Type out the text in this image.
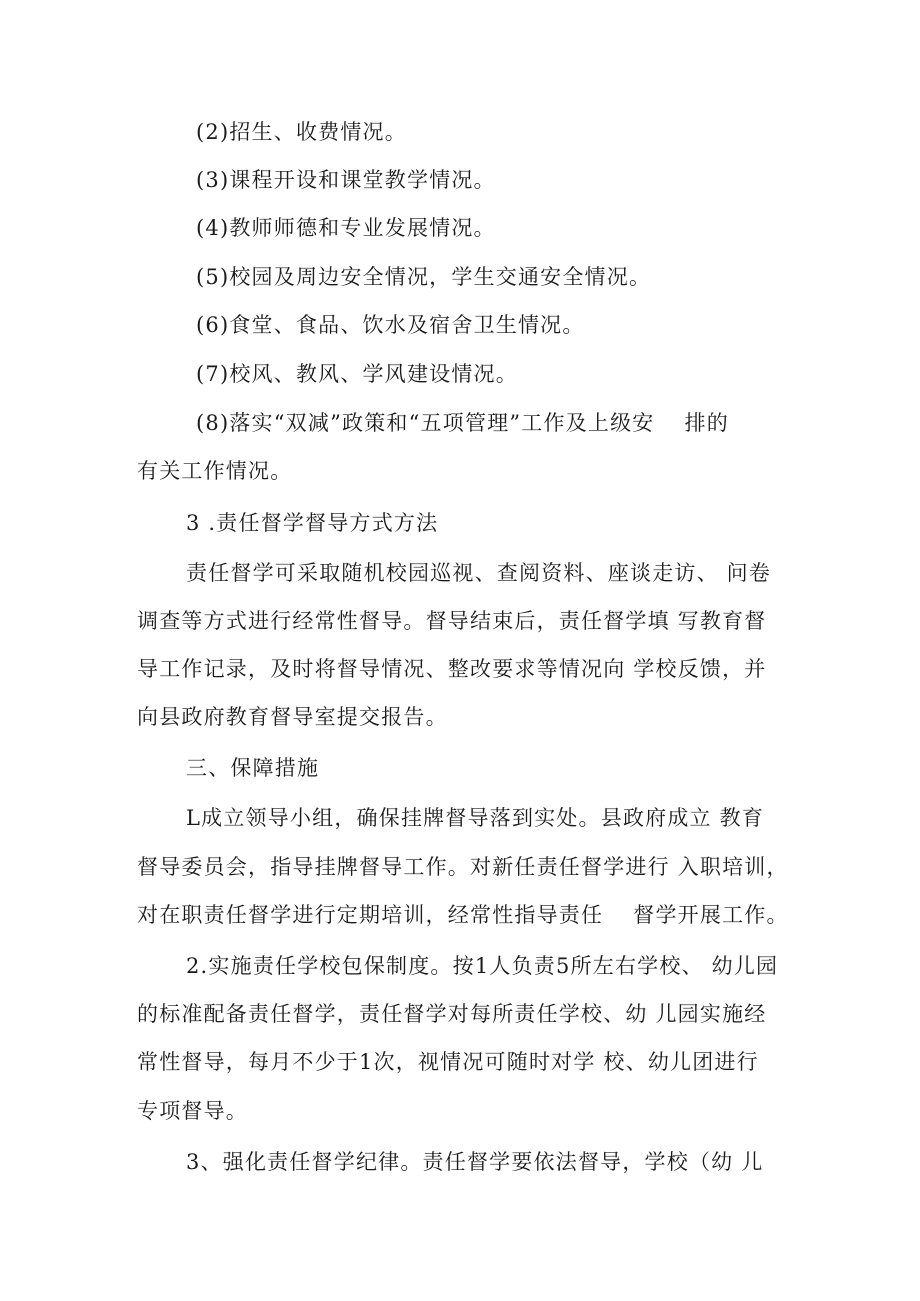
(2)招生、收费情况。
(3)课程开设和课堂教学情况。
(4)教师师德和专业发展情况。
(5)校园及周边安全情况，学生交通安全情况。
(6)食堂、食品、饮水及宿舍卫生情况。
(7)校风、教风、学风建设情况。
(8)落实“双减”政策和“五项管理”工作及上级安　 排的
有关工作情况。
3 .责任督学督导方式方法
责任督学可采取随机校园巡视、查阅资料、座谈走访、 问卷
调查等方式进行经常性督导。督导结束后，责任督学填 写教育督
导工作记录，及时将督导情况、整改要求等情况向 学校反馈，并
向县政府教育督导室提交报告。
三、保障措施
L成立领导小组，确保挂牌督导落到实处。县政府成立 教育
督导委员会，指导挂牌督导工作。对新任责任督学进行 入职培训，
对在职责任督学进行定期培训，经常性指导责任　 督学开展工作。
2.实施责任学校包保制度。按1人负责5所左右学校、 幼儿园
的标准配备责任督学，责任督学对每所责任学校、幼 儿园实施经
常性督导，每月不少于1次，视情况可随时对学 校、幼儿团进行
专项督导。
3、强化责任督学纪律。责任督学要依法督导，学校（幼 儿
